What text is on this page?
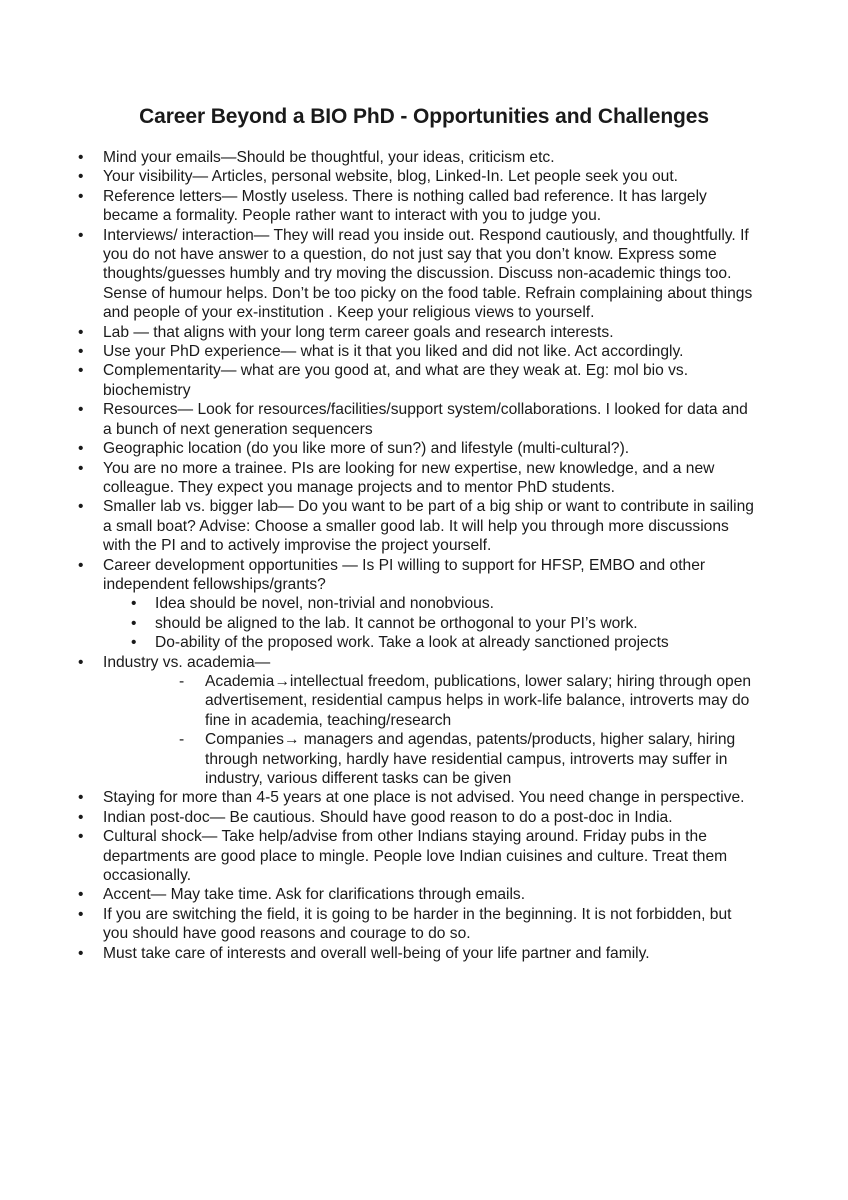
Career Beyond a BIO PhD - Opportunities and Challenges
• Mind your emails—Should be thoughtful, your ideas, criticism etc.
• Your visibility— Articles, personal website, blog, Linked-In. Let people seek you out.
• Reference letters— Mostly useless. There is nothing called bad reference. It has largely became a formality. People rather want to interact with you to judge you.
• Interviews/ interaction— They will read you inside out. Respond cautiously, and thoughtfully. If you do not have answer to a question, do not just say that you don’t know. Express some thoughts/guesses humbly and try moving the discussion. Discuss non-academic things too. Sense of humour helps. Don’t be too picky on the food table. Refrain complaining about things and people of your ex-institution . Keep your religious views to yourself.
• Lab — that aligns with your long term career goals and research interests.
• Use your PhD experience— what is it that you liked and did not like. Act accordingly.
• Complementarity— what are you good at, and what are they weak at. Eg: mol bio vs. biochemistry
• Resources— Look for resources/facilities/support system/collaborations. I looked for data and a bunch of next generation sequencers
• Geographic location (do you like more of sun?) and lifestyle (multi-cultural?).
• You are no more a trainee. PIs are looking for new expertise, new knowledge, and a new colleague. They expect you manage projects and to mentor PhD students.
• Smaller lab vs. bigger lab— Do you want to be part of a big ship or want to contribute in sailing a small boat? Advise: Choose a smaller good lab. It will help you through more discussions with the PI and to actively improvise the project yourself.
• Career development opportunities — Is PI willing to support for HFSP, EMBO and other independent fellowships/grants?
• Idea should be novel, non-trivial and nonobvious.
• should be aligned to the lab. It cannot be orthogonal to your PI’s work.
• Do-ability of the proposed work. Take a look at already sanctioned projects
• Industry vs. academia—
- Academia→intellectual freedom, publications, lower salary; hiring through open advertisement, residential campus helps in work-life balance, introverts may do fine in academia, teaching/research
- Companies→ managers and agendas, patents/products, higher salary, hiring through networking, hardly have residential campus, introverts may suffer in industry, various different tasks can be given
• Staying for more than 4-5 years at one place is not advised. You need change in perspective.
• Indian post-doc— Be cautious. Should have good reason to do a post-doc in India.
• Cultural shock— Take help/advise from other Indians staying around. Friday pubs in the departments are good place to mingle. People love Indian cuisines and culture. Treat them occasionally.
• Accent— May take time. Ask for clarifications through emails.
• If you are switching the field, it is going to be harder in the beginning. It is not forbidden, but you should have good reasons and courage to do so.
• Must take care of interests and overall well-being of your life partner and family.
